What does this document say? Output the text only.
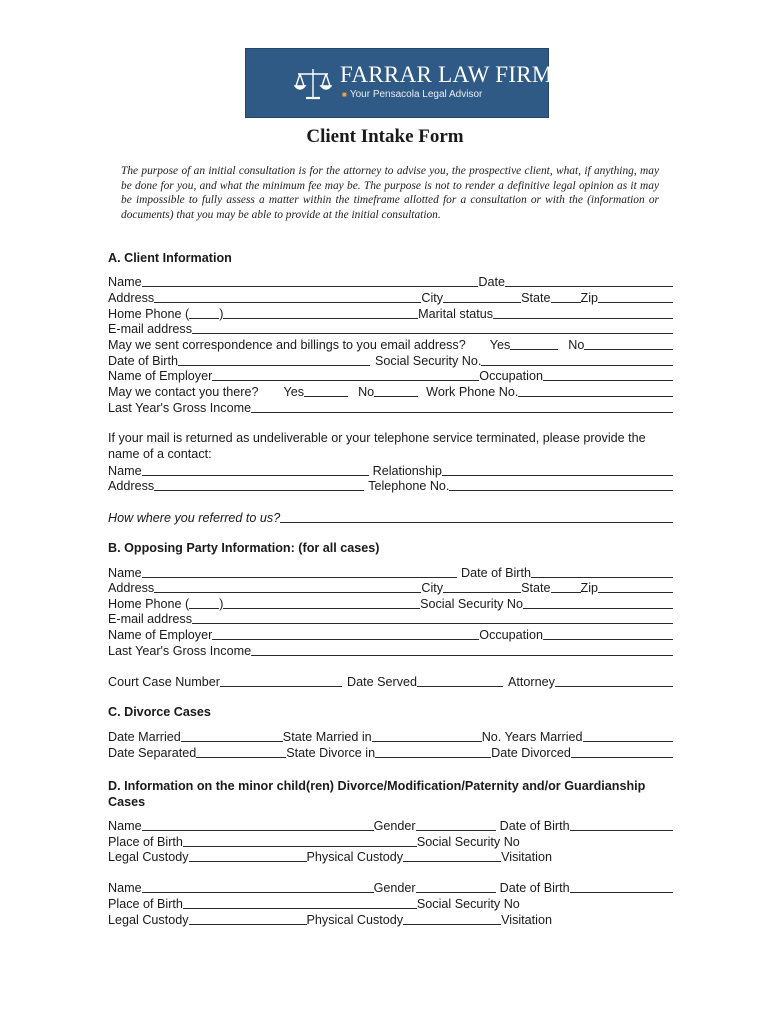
FARRAR LAW FIRM
■ Your Pensacola Legal Advisor
Client Intake Form
The purpose of an initial consultation is for the attorney to advise you, the prospective client, what, if anything, may be done for you, and what the minimum fee may be. The purpose is not to render a definitive legal opinion as it may be impossible to fully assess a matter within the timeframe allotted for a consultation or with the (information or documents) that you may be able to provide at the initial consultation.
A. Client Information
Name	Date
Address	City	State Zip
Home Phone ( )	Marital status
E-mail address
May we sent correspondence and billings to you email address? Yes	No
Date of Birth	Social Security No.
Name of Employer	Occupation
May we contact you there? Yes	No	Work Phone No.
Last Year's Gross Income
If your mail is returned as undeliverable or your telephone service terminated, please provide the name of a contact:
Name	Relationship
Address	Telephone No.
How where you referred to us?
B. Opposing Party Information: (for all cases)
Name	Date of Birth
Address	City	State Zip
Home Phone ( )	Social Security No
E-mail address
Name of Employer	Occupation
Last Year's Gross Income
Court Case Number	Date Served	Attorney
C. Divorce Cases
Date Married	State Married in	No. Years Married
Date Separated	State Divorce in	Date Divorced
D. Information on the minor child(ren) Divorce/Modification/Paternity and/or Guardianship Cases
Name	Gender	Date of Birth
Place of Birth	Social Security No
Legal Custody	Physical Custody	Visitation
Name	Gender	Date of Birth
Place of Birth	Social Security No
Legal Custody	Physical Custody	Visitation
